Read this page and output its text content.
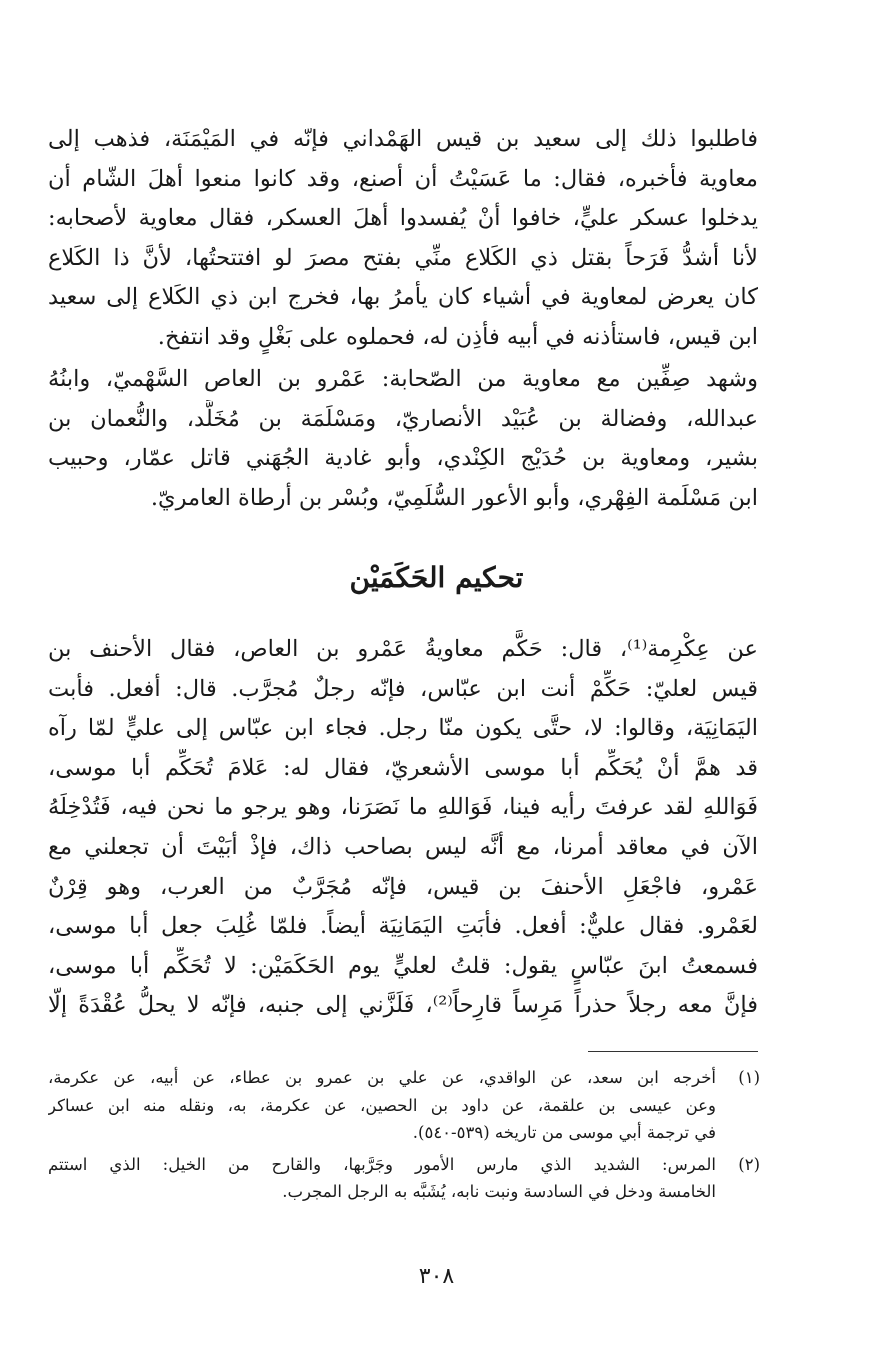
فاطلبوا ذلك إلى سعيد بن قيس الهَمْداني فإنّه في المَيْمَنَة، فذهب إلى
معاوية فأخبره، فقال: ما عَسَيْتُ أن أصنع، وقد كانوا منعوا أهلَ الشّام أن
يدخلوا عسكر عليٍّ، خافوا أنْ يُفسدوا أهلَ العسكر، فقال معاوية لأصحابه:
لأنا أشدُّ فَرَحاً بقتل ذي الكَلاع منِّي بفتح مصرَ لو افتتحتُها، لأنَّ ذا الكَلاع
كان يعرض لمعاوية في أشياء كان يأمرُ بها، فخرج ابن ذي الكَلاع إلى سعيد
ابن قيس، فاستأذنه في أبيه فأذِن له، فحملوه على بَغْلٍ وقد انتفخ.
وشهد صِفِّين مع معاوية من الصّحابة: عَمْرو بن العاص السَّهْميّ، وابنُهُ
عبدالله، وفضالة بن عُبَيْد الأنصاريّ، ومَسْلَمَة بن مُخَلَّد، والنُّعمان بن
بشير، ومعاوية بن حُدَيْج الكِنْدي، وأبو غادية الجُهَني قاتل عمّار، وحبيب
ابن مَسْلَمة الفِهْري، وأبو الأعور السُّلَمِيّ، وبُسْر بن أرطاة العامريّ.
تحكيم الحَكَمَيْن
عن عِكْرِمة⁽¹⁾، قال: حَكَّم معاويةُ عَمْرو بن العاص، فقال الأحنف بن
قيس لعليّ: حَكِّمْ أنت ابن عبّاس، فإنّه رجلٌ مُجرَّب. قال: أفعل. فأبت
اليَمَانِيَة، وقالوا: لا، حتَّى يكون منّا رجل. فجاء ابن عبّاس إلى عليٍّ لمّا رآه
قد همَّ أنْ يُحَكِّم أبا موسى الأشعريّ، فقال له: عَلامَ تُحَكِّم أبا موسى،
فَوَاللهِ لقد عرفتَ رأيه فينا، فَوَاللهِ ما نَصَرَنا، وهو يرجو ما نحن فيه، فَتُدْخِلَهُ
الآن في معاقد أمرنا، مع أنَّه ليس بصاحب ذاك، فإذْ أبَيْتَ أن تجعلني مع
عَمْرو، فاجْعَلِ الأحنفَ بن قيس، فإنّه مُجَرَّبٌ من العرب، وهو قِرْنٌ
لعَمْرو. فقال عليٌّ: أفعل. فأبَتِ اليَمَانِيَة أيضاً. فلمّا غُلِبَ جعل أبا موسى،
فسمعتُ ابنَ عبّاسٍ يقول: قلتُ لعليٍّ يوم الحَكَمَيْن: لا تُحَكِّم أبا موسى،
فإنَّ معه رجلاً حذراً مَرِساً قارِحاً⁽²⁾، فَلَزَّني إلى جنبه، فإنّه لا يحلُّ عُقْدَةً إلّا
(١)
أخرجه ابن سعد، عن الواقدي، عن علي بن عمرو بن عطاء، عن أبيه، عن عكرمة،
وعن عيسى بن علقمة، عن داود بن الحصين، عن عكرمة، به، ونقله منه ابن عساكر
في ترجمة أبي موسى من تاريخه (٥٣٩-٥٤٠).
(٢)
المرس: الشديد الذي مارس الأمور وجَرَّبها، والقارح من الخيل: الذي استتم
الخامسة ودخل في السادسة ونبت نابه، يُشَبَّه به الرجل المجرب.
٣٠٨
